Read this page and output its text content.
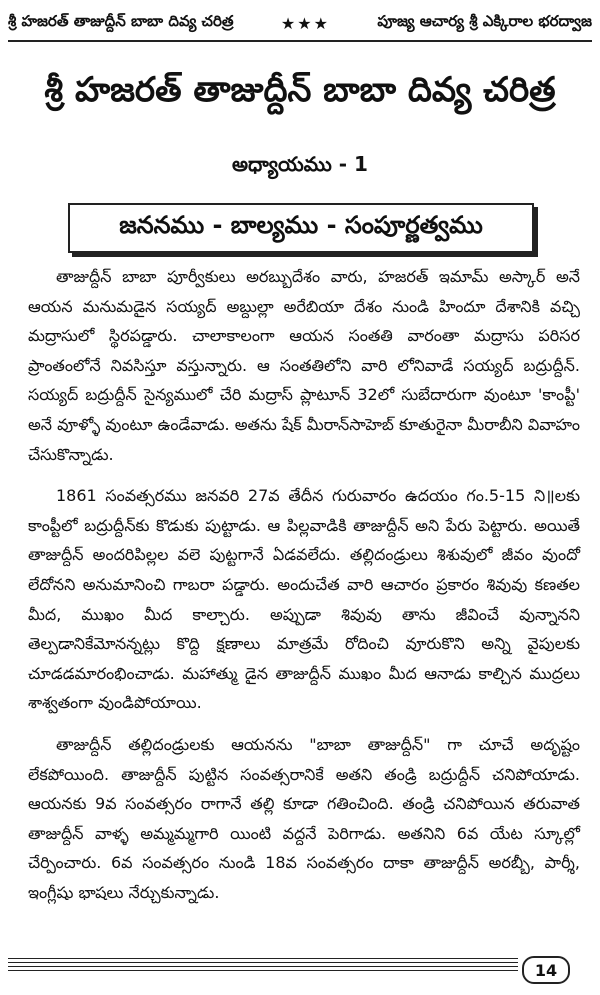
శ్రీ హజరత్ తాజుద్దీన్ బాబా దివ్య చరిత్ర	★★★	పూజ్య ఆచార్య శ్రీ ఎక్కిరాల భరద్వాజ
శ్రీ హజరత్ తాజుద్దీన్ బాబా దివ్య చరిత్ర
అధ్యాయము - 1
జననము - బాల్యము - సంపూర్ణత్వము

తాజుద్దీన్ బాబా పూర్వీకులు అరబ్బుదేశం వారు, హజరత్ ఇమామ్ అస్కార్ అనే ఆయన మనుమడైన సయ్యద్ అబ్దుల్లా అరేబియా దేశం నుండి హిందూ దేశానికి వచ్చి మద్రాసులో స్థిరపడ్డారు. చాలాకాలంగా ఆయన సంతతి వారంతా మద్రాసు పరిసర ప్రాంతంలోనే నివసిస్తూ వస్తున్నారు. ఆ సంతతిలోని వారి లోనివాడే సయ్యద్ బద్రుద్దీన్. సయ్యద్ బద్రుద్దీన్ సైన్యములో చేరి మద్రాస్ ప్లాటూన్ 32లో సుబేదారుగా వుంటూ 'కాంప్టీ' అనే వూళ్ళో వుంటూ ఉండేవాడు. అతను షేక్ మీరాన్‌సాహెబ్ కూతురైనా మీరాబీని వివాహం చేసుకొన్నాడు.

1861 సంవత్సరము జనవరి 27వ తేదీన గురువారం ఉదయం గం.5-15 ని॥లకు కాంప్టీలో బద్రుద్దీన్‌కు కొడుకు పుట్టాడు. ఆ పిల్లవాడికి తాజుద్దీన్ అని పేరు పెట్టారు. అయితే తాజుద్దీన్ అందరిపిల్లల వలె పుట్టగానే ఏడవలేదు. తల్లిదండ్రులు శిశువులో జీవం వుందో లేదోనని అనుమానించి గాబరా పడ్డారు. అందుచేత వారి ఆచారం ప్రకారం శివువు కణతల మీద, ముఖం మీద కాల్చారు. అప్పుడా శివువు తాను జీవించే వున్నానని తెల్పడానికేమోనన్నట్లు కొద్ది క్షణాలు మాత్రమే రోదించి వూరుకొని అన్ని వైపులకు చూడడమారంభించాడు. మహాత్ము డైన తాజుద్దీన్ ముఖం మీద ఆనాడు కాల్చిన ముద్రలు శాశ్వతంగా వుండిపోయాయి.

తాజుద్దీన్ తల్లిదండ్రులకు ఆయనను "బాబా తాజుద్దీన్" గా చూచే అదృష్టం లేకపోయింది. తాజుద్దీన్ పుట్టిన సంవత్సరానికే అతని తండ్రి బద్రుద్దీన్ చనిపోయాడు. ఆయనకు 9వ సంవత్సరం రాగానే తల్లి కూడా గతించింది. తండ్రి చనిపోయిన తరువాత తాజుద్దీన్ వాళ్ళ అమ్మమ్మగారి యింటి వద్దనే పెరిగాడు. అతనిని 6వ యేట స్కూల్లో చేర్పించారు. 6వ సంవత్సరం నుండి 18వ సంవత్సరం దాకా తాజుద్దీన్ అరబ్బీ, పార్శీ, ఇంగ్లీషు భాషలు నేర్చుకున్నాడు.

14
